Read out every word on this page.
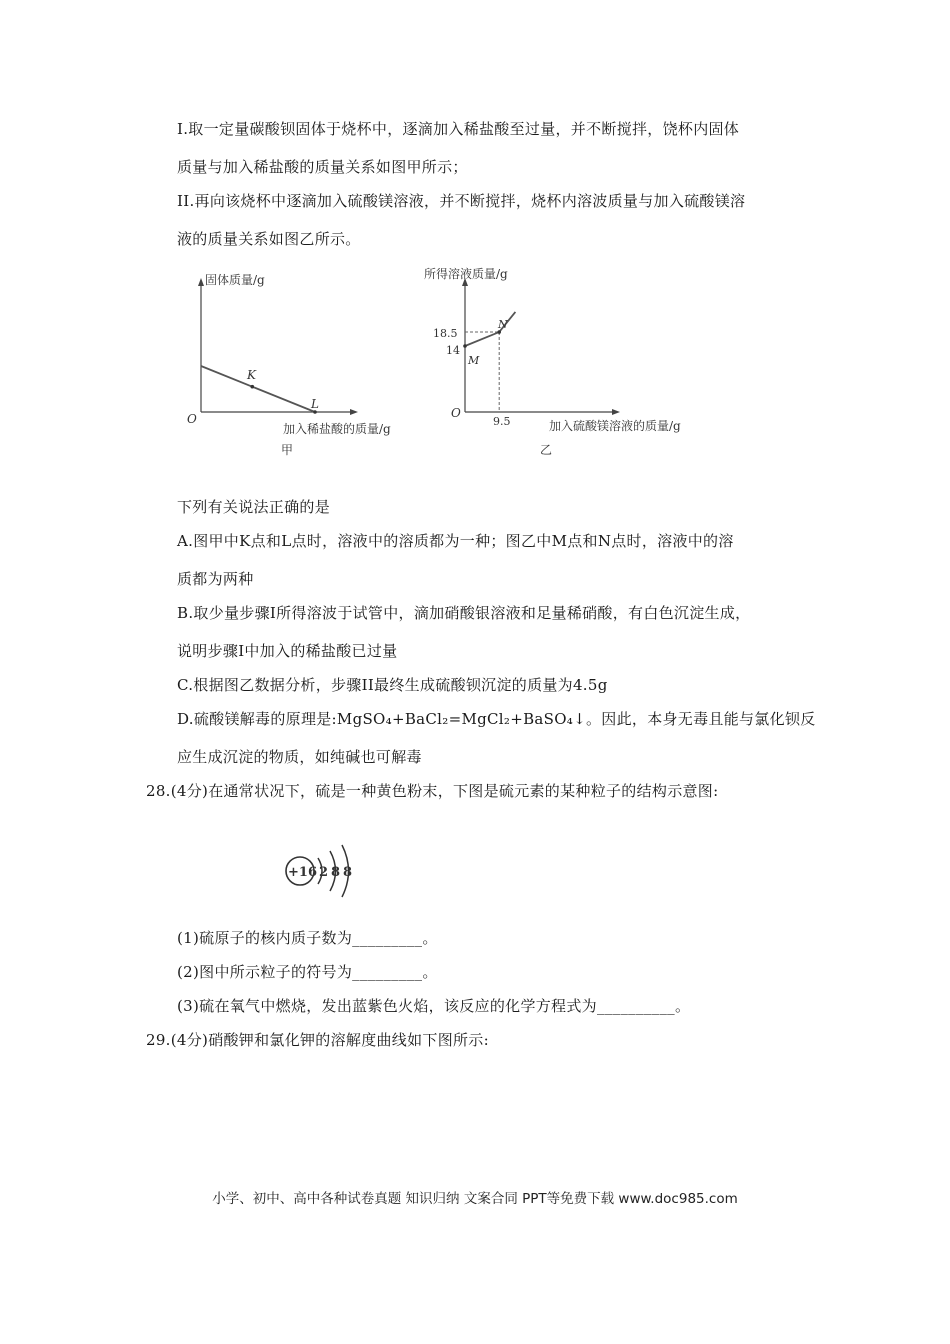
I.取一定量碳酸钡固体于烧杯中，逐滴加入稀盐酸至过量，并不断搅拌，饶杯内固体
质量与加入稀盐酸的质量关系如图甲所示；
II.再向该烧杯中逐滴加入硫酸镁溶液，并不断搅拌，烧杯内溶波质量与加入硫酸镁溶
液的质量关系如图乙所示。
固体质量/g
K
L
O
加入稀盐酸的质量/g
甲
所得溶液质量/g
18.5
14
M
N
O
9.5	加入硫酸镁溶液的质量/g
乙
下列有关说法正确的是
A.图甲中K点和L点时，溶液中的溶质都为一种；图乙中M点和N点时，溶液中的溶
质都为两种
B.取少量步骤I所得溶波于试管中，滴加硝酸银溶液和足量稀硝酸，有白色沉淀生成，
说明步骤I中加入的稀盐酸已过量
C.根据图乙数据分析，步骤II最终生成硫酸钡沉淀的质量为4.5g
D.硫酸镁解毒的原理是:MgSO₄+BaCl₂=MgCl₂+BaSO₄↓。因此，本身无毒且能与氯化钡反
应生成沉淀的物质，如纯碱也可解毒
28.(4分)在通常状况下，硫是一种黄色粉末，下图是硫元素的某种粒子的结构示意图:
+16 2 8 8
(1)硫原子的核内质子数为_________。
(2)图中所示粒子的符号为_________。
(3)硫在氧气中燃烧，发出蓝紫色火焰，该反应的化学方程式为__________。
29.(4分)硝酸钾和氯化钾的溶解度曲线如下图所示:
小学、初中、高中各种试卷真题 知识归纳 文案合同 PPT等免费下载 www.doc985.com
